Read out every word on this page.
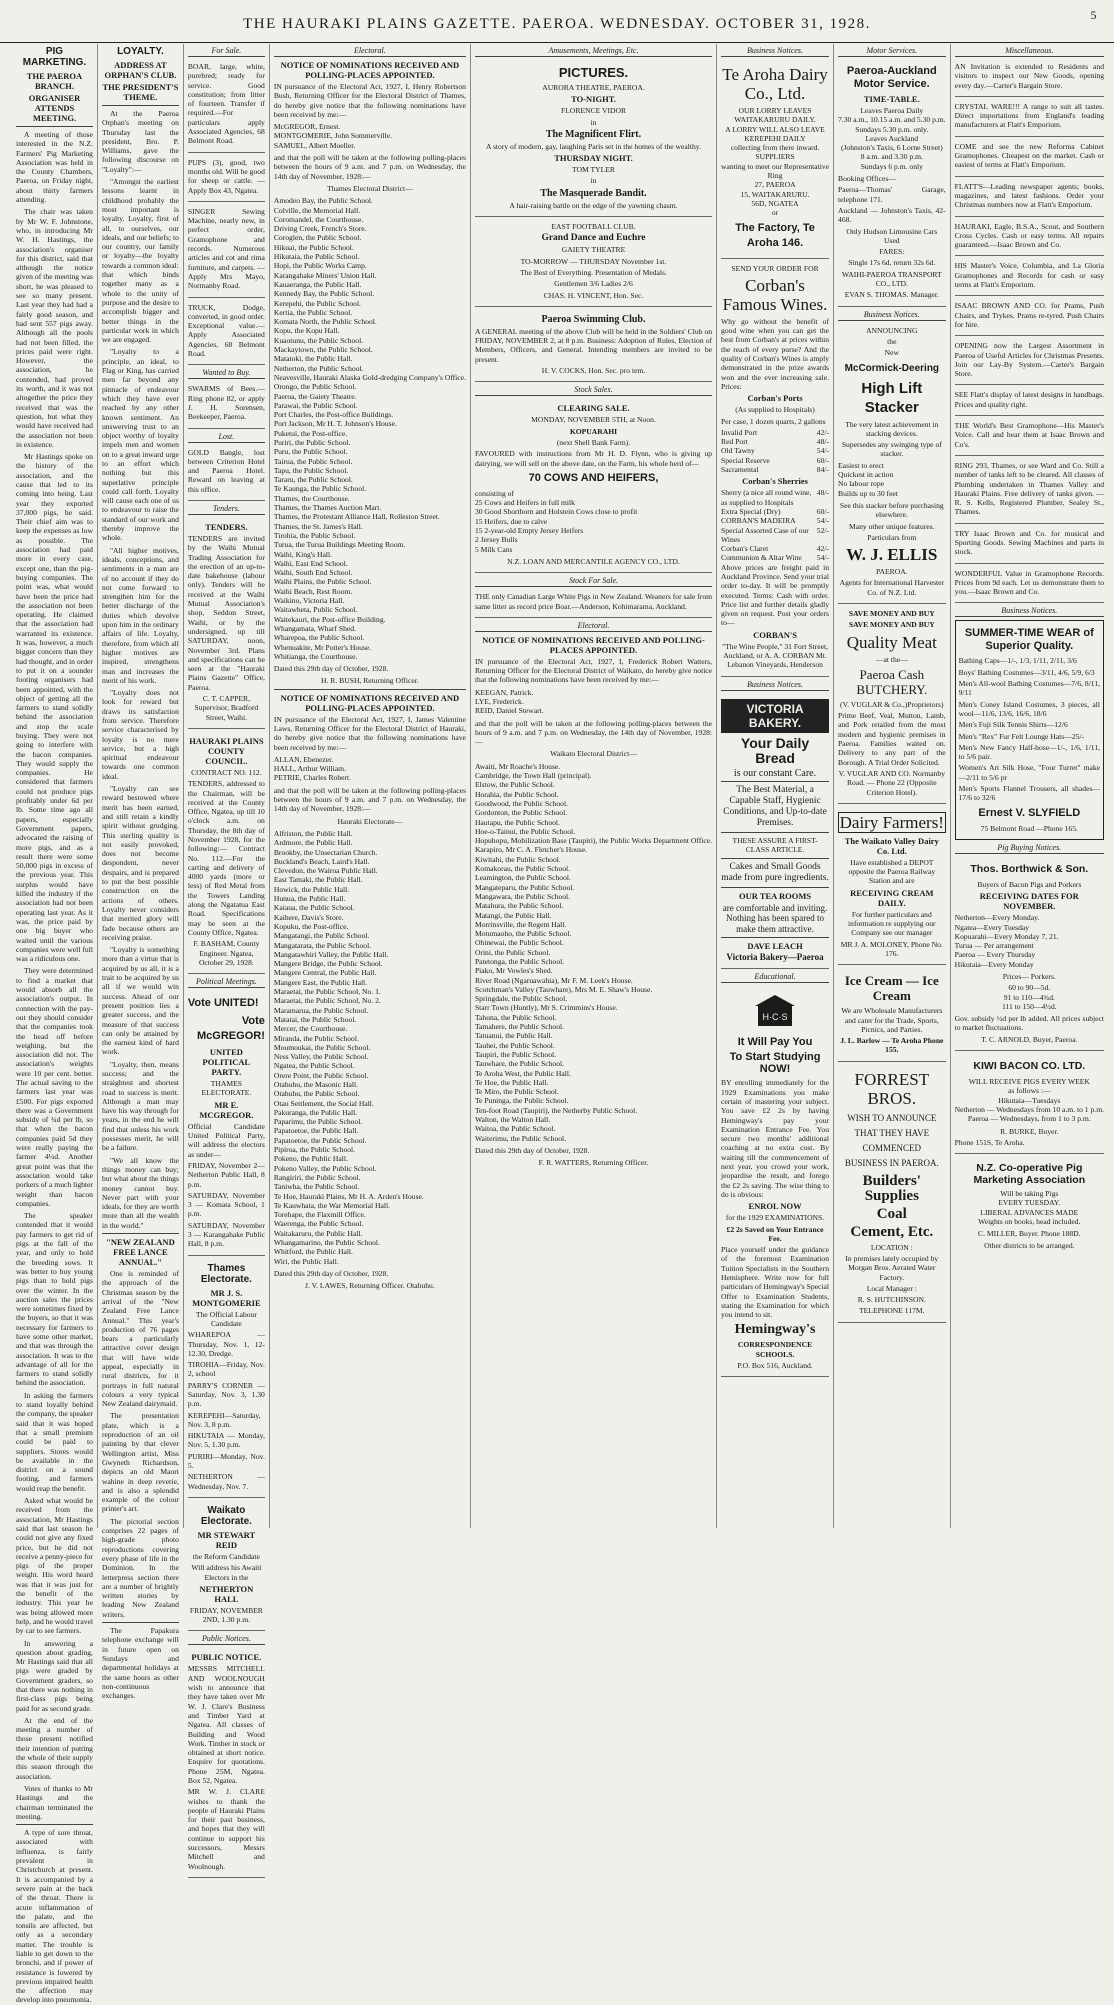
THE HAURAKI PLAINS GAZETTE. PAEROA. WEDNESDAY. OCTOBER 31, 1928.
5
PIG MARKETING.
THE PAEROA BRANCH.
ORGANISER ATTENDS MEETING.

A meeting of those interested in the N.Z. Farmers' Pig Marketing Association was held in the County Chambers, Paeroa, on Friday night, about thirty farmers attending.

The chair was taken by Mr W. F. Johnstone, who, in introducing Mr W. H. Hastings, the association's organiser for this district, said that although the notice given of the meeting was short, he was pleased to see so many present. Last year they had had a fairly good season, and had sent 557 pigs away. Although all the pools had not been filled, the prices paid were right. However, the association, he contended, had proved its worth, and it was not altogether the price they received that was the question, but what they would have received had the association not been in existence.

Mr Hastings spoke on the history of the association, and the cause that led to its coming into being. Last year they exported 37,000 pigs, he said. Their chief aim was to keep the expenses as low as possible. The association had paid more in every case, except one, than the pig-buying companies. The point was, what would have been the price had the association not been operating. He claimed that the association had warranted its existence. It was, however, a much bigger concern than they had thought, and in order to put it on a sounder footing organisers had been appointed, with the object of getting all the farmers to stand solidly behind the association and stop the scale buying. They were not going to interfere with the bacon companies. They would supply the companies. He considered that farmers could not produce pigs profitably under 6d per lb. Some time ago all papers, especially Government papers, advocated the raising of more pigs, and as a result there were some 50,000 pigs in excess of the previous year. This surplus would have killed the industry if the association had not been operating last year. As it was, the price paid by one big buyer who waited until the various companies were well full was a ridiculous one.

They were determined to find a market that would absorb all the association's output. In connection with the pay-out they should consider that the companies took the head off before weighing, but the association did not. The association's weights were 10 per cent. better. The actual saving to the farmers last year was £500. For pigs exported there was a Government subsidy of ¾d per lb, so that when the bacon companies paid 5d they were really paying the farmer 4¼d. Another great point was that the association would take porkers of a much lighter weight than bacon companies.

The speaker contended that it would pay farmers to get rid of pigs at the fall of the year, and only to hold the breeding sows. It was better to buy young pigs than to hold pigs over the winter. In the auction sales the prices were sometimes fixed by the buyers, so that it was necessary for farmers to have some other market, and that was through the association. It was to the advantage of all for the farmers to stand solidly behind the association.

In asking the farmers to stand loyally behind the company, the speaker said that it was hoped that a small premium could be paid to suppliers. Stores would be available in the district on a sound footing, and farmers would reap the benefit.

Asked what would be received from the association, Mr Hastings said that last season he could not give any fixed price, but he did not receive a penny-piece for pigs of the proper weight. His word heard was that it was just for the benefit of the industry. This year he was being allowed more help, and he would travel by car to see farmers.

In answering a question about grading, Mr Hastings said that all pigs were graded by Government graders, so that there was nothing in first-class pigs being paid for as second grade.

At the end of the meeting a number of those present notified their intention of putting the whole of their supply this season through the association.

Votes of thanks to Mr Hastings and the chairman terminated the meeting.

A type of sore throat, associated with influenza, is fairly prevalent in Christchurch at present. It is accompanied by a severe pain at the back of the throat. There is acute inflammation of the palate, and the tonsils are affected, but only as a secondary matter. The trouble is liable to get down to the bronchi, and if power of resistance is lowered by previous impaired health the affection may develop into pneumonia.

LOYALTY.
ADDRESS AT ORPHAN'S CLUB.
THE PRESIDENT'S THEME.

At the Paeroa Orphan's meeting on Thursday last the president, Bro. P. Williams, gave the following discourse on "Loyalty":—

"Amongst the earliest lessons learnt in childhood probably the most important is loyalty. Loyalty, first of all, to ourselves, our ideals, and our beliefs; to our country, our family or loyalty—the loyalty towards a common ideal: that which binds together many as a whole to the unity of purpose and the desire to accomplish bigger and better things in the particular work in which we are engaged.

"Loyalty to a principle, an ideal, to Flag or King, has carried men far beyond any pinnacle of endeavour which they have ever reached by any other known sentiment. An unswerving trust to an object worthy of loyalty impels men and women on to a great inward urge to an effort which nothing but this superlative principle could call forth. Loyalty will cause each one of us to endeavour to raise the standard of our work and thereby improve the whole.

"All higher motives, ideals, conceptions, and sentiments in a man are of no account if they do not come forward to strengthen him for the better discharge of the duties which devolve upon him in the ordinary affairs of life. Loyalty, therefore, from which all higher motives are inspired, strengthens man and increases the merit of his work.

"Loyalty does not look for reward but draws its satisfaction from service. Therefore service characterised by loyalty is no mere service, but a high spiritual endeavour towards one common ideal.

"Loyalty can see reward bestowed where merit has been earned, and still retain a kindly spirit without grudging. This sterling quality is not easily provoked, does not become despondent, never despairs, and is prepared to put the best possible construction on the actions of others. Loyalty never considers that merited glory will fade because others are receiving praise.

"Loyalty is something more than a virtue that is acquired by us all, it is a trait to be acquired by us all if we would win success. Ahead of our present position lies a greater success, and the measure of that success can only be attained by the earnest kind of hard work.

"Loyalty, then, means success; and the straightest and shortest road to success is merit. Although a man may have his way through for years, in the end he will find that unless his work possesses merit, he will be a failure.

"We all know the things money can buy; but what about the things money cannot buy. Never part with your ideals, for they are worth more than all the wealth in the world."

"NEW ZEALAND FREE LANCE ANNUAL."

One is reminded of the approach of the Christmas season by the arrival of the "New Zealand Free Lance Annual." This year's production of 76 pages bears a particularly attractive cover design that will have wide appeal, especially in rural districts, for it portrays in full natural colours a very typical New Zealand dairymaid.

The presentation plate, which is a reproduction of an oil painting by that clever Wellington artist, Miss Gwyneth Richardson, depicts an old Maori wahine in deep reverie, and is also a splendid example of the colour printer's art.

The pictorial section comprises 22 pages of high-grade photo reproductions covering every phase of life in the Dominion. In the letterpress section there are a number of brightly written stories by leading New Zealand writers.

The Papakura telephone exchange will in future open on Sundays and departmental holidays at the same hours as other non-continuous exchanges.

For Sale.

BOAR, large, white, purebred; ready for service. Good constitution; from litter of fourteen. Transfer if required.—For particulars apply Associated Agencies, 68 Belmont Road.

PUPS (3), good, two months old. Will be good for sheep or cattle. — Apply Box 43, Ngatea.

SINGER Sewing Machine, nearly new, in perfect order, Gramophone and records. Numerous articles and cot and rima furniture, and carpets. — Apply Mrs Mayo, Normanby Road.

TRUCK, Dodge, converted, in good order. Exceptional value.—Apply Associated Agencies, 68 Belmont Road.

Wanted to Buy.

SWARMS of Bees.—Ring phone 82, or apply J. H. Sorensen, Beekeeper, Paeroa.

Lost.

GOLD Bangle, lost between Criterion Hotel and Paeroa Hotel. Reward on leaving at this office.

Tenders.
TENDERS.

TENDERS are invited by the Waihi Mutual Trading Association for the erection of an up-to-date bakehouse (labour only). Tenders will be received at the Waihi Mutual Association's shop, Seddon Street, Waihi, or by the undersigned, up till SATURDAY, noon, November 3rd. Plans and specifications can be seen at the "Hauraki Plains Gazette" Office, Paeroa.

C. T. CAPPER, Supervisor, Bradford Street, Waihi.

HAURAKI PLAINS COUNTY COUNCIL.

CONTRACT NO. 112.

TENDERS, addressed to the Chairman, will be received at the County Office, Ngatea, up till 10 o'clock a.m. on Thursday, the 8th day of November 1928, for the following:— Contract No. 112.—For the carting and delivery of 4000 yards (more or less) of Red Metal from the Towers Landing along the Ngatatua East Road. Specifications may be seen at the County Office, Ngatea.

F. BASHAM, County Engineer. Ngatea, October 29, 1928.

Political Meetings.
Vote UNITED!
Vote McGREGOR!
UNITED POLITICAL PARTY.

THAMES ELECTORATE.

MR E. MCGREGOR.

Official Candidate United Political Party, will address the electors as under—

FRIDAY, November 2—Netherton Public Hall, 8 p.m.

SATURDAY, November 3 — Komata School, 1 p.m.

SATURDAY, November 3 — Karangahake Public Hall, 8 p.m.

Thames Electorate.
MR J. S. MONTGOMERIE

The Official Labour Candidate

WHAREPOA — Thursday, Nov. 1, 12-12.30, Dredge.

TIROHIA—Friday, Nov. 2, school

PARRY'S CORNER — Saturday, Nov. 3, 1.30 p.m.

KEREPEHI—Saturday, Nov. 3, 8 p.m.

HIKUTAIA — Monday, Nov. 5, 1.30 p.m.

PURIRI—Monday, Nov. 5.

NETHERTON — Wednesday, Nov. 7.

Waikato Electorate.
MR STEWART REID

the Reform Candidate

Will address his Awaiti Electors in the

NETHERTON HALL

FRIDAY, NOVEMBER 2ND, 1.30 p.m.

Public Notices.
PUBLIC NOTICE.

MESSRS MITCHELL AND WOOLNOUGH wish to announce that they have taken over Mr W. J. Clare's Business and Timber Yard at Ngatea. All classes of Building and Wood Work. Timber in stock or obtained at short notice. Enquire for quotations. Phone 25M, Ngatea. Box 52, Ngatea.

MR W. J. CLARE wishes to thank the people of Hauraki Plains for their past business, and hopes that they will continue to support his successors, Messrs Mitchell and Woolnough.

Electoral.
NOTICE OF NOMINATIONS RECEIVED AND POLLING-PLACES APPOINTED.

IN pursuance of the Electoral Act, 1927, I, Henry Robertson Bush, Returning Officer for the Electoral District of Thames, do hereby give notice that the following nominations have been received by me:—

McGREGOR, Ernest.
MONTGOMERIE, John Sommerville.
SAMUEL, Albert Moeller.

and that the poll will be taken at the following polling-places between the hours of 9 a.m. and 7 p.m. on Wednesday, the 14th day of November, 1928:—

Thames Electoral District—

Amodeo Bay, the Public School.
Colville, the Memorial Hall.
Coromandel, the Courthouse.
Driving Creek, French's Store.
Coroglen, the Public School.
Hikuai, the Public School.
Hikutaia, the Public School.
Hopi, the Public Works Camp.
Karangahake Miners' Union Hall.
Kauaeranga, the Public Hall.
Kennedy Bay, the Public School.
Kerepehi, the Public School.
Kertia, the Public School.
Komata North, the Public School.
Kopu, the Kopu Hall.
Kuaotunu, the Public School.
Mackaytown, the Public School.
Matatoki, the Public Hall.
Netherton, the Public School.
Neavesville, Hauraki Alaska Gold-dredging Company's Office.
Orongo, the Public School.
Paeroa, the Gaiety Theatre.
Parawai, the Public School.
Port Charles, the Post-office Buildings.
Port Jackson, Mr H. T. Johnson's House.
Puketui, the Post-office.
Puriri, the Public School.
Puru, the Public School.
Tairua, the Public School.
Tapu, the Public School.
Tararu, the Public School.
Te Kaunga, the Public School.
Thames, the Courthouse.
Thames, the Thames Auction Mart.
Thames, the Protestant Alliance Hall, Rolleston Street.
Thames, the St. James's Hall.
Tirohia, the Public School.
Turua, the Turua Buildings Meeting Room.
Waihi, King's Hall.
Waihi, East End School.
Waihi, South End School.
Waihi Plains, the Public School.
Waihi Beach, Rest Room.
Waikino, Victoria Hall.
Waitawheta, Public School.
Waitekauri, the Post-office Building.
Whangamata, Wharf Shed.
Wharepoa, the Public School.
Whenuakite, Mr Potter's House.
Whitianga, the Courthouse.

Dated this 29th day of October, 1928.

H. R. BUSH, Returning Officer.

NOTICE OF NOMINATIONS RECEIVED AND POLLING-PLACES APPOINTED.

IN pursuance of the Electoral Act, 1927, I, James Valentine Laws, Returning Officer for the Electoral District of Hauraki, do hereby give notice that the following nominations have been received by me:—

ALLAN, Ebenezer.
HALL, Arthur William.
PETRIE, Charles Robert.

and that the poll will be taken at the following polling-places between the hours of 9 a.m. and 7 p.m. on Wednesday, the 14th day of November, 1928:—

Hauraki Electorate—

Alfriston, the Public Hall.
Ardmore, the Public Hall.
Brookby, the Unsectarian Church.
Buckland's Beach, Laird's Hall.
Clevedon, the Wairoa Public Hall.
East Tamaki, the Public Hall.
Howick, the Public Hall.
Hunua, the Public Hall.
Kaiaua, the Public School.
Kaihere, Davis's Store.
Kopuku, the Post-office.
Mangatangi, the Public School.
Mangatarata, the Public School.
Mangatawhiri Valley, the Public Hall.
Mangere Bridge, the Public School.
Mangere Central, the Public Hall.
Mangere East, the Public Hall.
Maraetai, the Public School, No. 1.
Maraetai, the Public School, No. 2.
Maramarua, the Public School.
Matatai, the Public School.
Mercer, the Courthouse.
Miranda, the Public School.
Moumoukai, the Public School.
Ness Valley, the Public School.
Ngatea, the Public School.
Orere Point, the Public School.
Otahuhu, the Masonic Hall.
Otahuhu, the Public School.
Otau Settlement, the Social Hall.
Pakuranga, the Public Hall.
Paparimu, the Public School.
Papatoetoe, the Public Hall.
Papatoetoe, the Public School.
Pipiroa, the Public School.
Pokeno, the Public Hall.
Pokeno Valley, the Public School.
Rangiriri, the Public School.
Taniwha, the Public School.
Te Hoe, Hauraki Plains, Mr H. A. Arden's House.
Te Kauwhata, the War Memorial Hall.
Torehape, the Flaxmill Office.
Waerenga, the Public School.
Waitakaruru, the Public Hall.
Whangamarino, the Public School.
Whitford, the Public Hall.
Wiri, the Public Hall.

Dated this 29th day of October, 1928.

J. V. LAWES, Returning Officer. Otahuhu.

Amusements, Meetings, Etc.
PICTURES.

AURORA THEATRE, PAEROA.

TO-NIGHT.

FLORENCE VIDOR

in

The Magnificent Flirt.

A story of modern, gay, laughing Paris set in the homes of the wealthy.

THURSDAY NIGHT.

TOM TYLER

in

The Masquerade Bandit.

A hair-raising battle on the edge of the yawning chasm.

EAST FOOTBALL CLUB.

Grand Dance and Euchre

GAIETY THEATRE

TO-MORROW — THURSDAY November 1st.

The Best of Everything. Presentation of Medals.

Gentlemen 3/6 Ladies 2/6

CHAS. H. VINCENT, Hon. Sec.

Paeroa Swimming Club.

A GENERAL meeting of the above Club will be held in the Soldiers' Club on FRIDAY, NOVEMBER 2, at 8 p.m. Business: Adoption of Rules, Election of Members, Officers, and General. Intending members are invited to be present.

H. V. COCKS, Hon. Sec. pro tem.

Stock Sales.
CLEARING SALE.

MONDAY, NOVEMBER 5TH, at Noon.

KOPUARAHI

(next Shell Bank Farm).

FAVOURED with instructions from Mr H. D. Flynn, who is giving up dairying, we will sell on the above date, on the Farm, his whole herd of—

70 COWS AND HEIFERS,
consisting of
25 Cows and Heifers in full milk
30 Good Shorthorn and Holstein Cows close to profit
15 Heifers, due to calve
15 2-year-old Empty Jersey Heifers
2 Jersey Bulls
5 Milk Cans

N.Z. LOAN AND MERCANTILE AGENCY CO., LTD.

Stock For Sale.

THE only Canadian Large White Pigs in New Zealand. Weaners for sale from same litter as record price Boar.—Anderson, Kohimarama, Auckland.

Electoral.
NOTICE OF NOMINATIONS RECEIVED AND POLLING-PLACES APPOINTED.

IN pursuance of the Electoral Act, 1927, I, Frederick Robert Watters, Returning Officer for the Electoral District of Waikato, do hereby give notice that the following nominations have been received by me:—

KEEGAN, Patrick.
LYE, Frederick.
REID, Daniel Stewart.

and that the poll will be taken at the following polling-places between the hours of 9 a.m. and 7 p.m. on Wednesday, the 14th day of November, 1928:—

Waikato Electoral District—

Awaiti, Mr Roache's House.
Cambridge, the Town Hall (principal).
Elstow, the Public School.
Horahia, the Public School.
Goodwood, the Public School.
Gordonton, the Public School.
Hautapu, the Public School.
Hoe-o-Tainui, the Public School.
Hopuhopu, Mobilization Base (Taupiri), the Public Works Department Office.
Karapiro, Mr C. A. Fletcher's House.
Kiwitahi, the Public School.
Komakorau, the Public School.
Leamington, the Public School.
Mangateparu, the Public School.
Mangawara, the Public School.
Matahura, the Public School.
Matangi, the Public Hall.
Morrinsville, the Regent Hall.
Motumaoho, the Public School.
Ohinewai, the Public School.
Orini, the Public School.
Patetonga, the Public School.
Piako, Mr Vowles's Shed.
River Road (Ngaruawahia), Mr F. M. Leek's House.
Scotchman's Valley (Tauwhare), Mrs M. E. Shaw's House.
Springdale, the Public School.
Starr Town (Huntly), Mr S. Crimmins's House.
Tahuna, the Public School.
Tamahere, the Public School.
Tatuanui, the Public Hall.
Tauhei, the Public School.
Taupiri, the Public School.
Tauwhare, the Public School.
Te Aroha West, the Public Hall.
Te Hoe, the Public Hall.
Te Miro, the Public School.
Te Puninga, the Public School.
Ten-foot Road (Taupiri), the Netherby Public School.
Walton, the Walton Hall.
Waitoa, the Public School.
Waiterimu, the Public School.

Dated this 29th day of October, 1928.

F. R. WATTERS, Returning Officer.

Business Notices.
Te Aroha Dairy Co., Ltd.
OUR LORRY LEAVES
WAITAKARURU DAILY.
A LORRY WILL ALSO LEAVE
KEREPEHI DAILY
collecting from there inward.
SUPPLIERS
wanting to meet our Representative
Ring
27, PAEROA
15, WAITAKARURU.
56D, NGATEA
or
The Factory, Te Aroha 146.

SEND YOUR ORDER FOR

Corban's Famous Wines.

Why go without the benefit of good wine when you can get the best from Corban's at prices within the reach of every purse? And the quality of Corban's Wines is amply demonstrated in the prize awards won and the ever increasing sale. Prices:

Corban's Ports

(As supplied to Hospitals)

Per case, 1 dozen quarts, 2 gallons

Invalid Port	42/-
Red Port	48/-
Old Tawny	54/-
Special Reserve	60/-
Sacramental	84/-
Corban's Sherries
Sherry (a nice all round wine, as supplied to Hospitals
48/-
Extra Special (Dry)	60/-
CORBAN'S MADEIRA	54/-
Special Assorted Case of our Wines
52/-
Corban's Claret	42/-
Communion & Altar Wine 54/-

Above prices are freight paid in Auckland Province. Send your trial order to-day. It will be promptly executed. Terms: Cash with order. Price list and further details gladly given on request. Post your orders to—

CORBAN'S

"The Wine People," 31 Fort Street, Auckland, or A. A. CORBAN Mt. Lebanon Vineyards, Henderson

Business Notices.
VICTORIA BAKERY.
Your Daily Bread

is our constant Care.

The Best Material, a Capable Staff, Hygienic Conditions, and Up-to-date Premises.

THESE ASSURE A FIRST-CLASS ARTICLE.

Cakes and Small Goods made from pure ingredients.

OUR TEA ROOMS

are comfortable and inviting. Nothing has been spared to make them attractive.

DAVE LEACH

Victoria Bakery—Paeroa

Educational.
H·C·S
It Will Pay You
To Start Studying NOW!

BY enrolling immediately for the 1929 Examinations you make certain of mastering your subject. You save £2 2s by having Hemingway's pay your Examination Entrance Fee. You secure two months' additional coaching at no extra cost. By waiting till the commencement of next year, you crowd your work, jeopardise the result, and forego the £2 2s saving. The wise thing to do is obvious:

ENROL NOW

for the 1929 EXAMINATIONS.

£2 2s Saved on Your Entrance Fee.

Place yourself under the guidance of the foremost Examination Tuition Specialists in the Southern Hemisphere. Write now for full particulars of Hemingway's Special Offer to Examination Students, stating the Examination for which you intend to sit.

Hemingway's

CORRESPONDENCE SCHOOLS.

P.O. Box 516, Auckland.

Motor Services.
Paeroa-Auckland Motor Service.
TIME-TABLE.
Leaves Paeroa Daily
7.30 a.m., 10.15 a.m. and 5.30 p.m.
Sundays 5.30 p.m. only.
Leaves Auckland
(Johnston's Taxis, 6 Lorne Street)
8 a.m. and 3.30 p.m.
Sundays 6 p.m. only

Booking Offices—

Paeroa—Thomas' Garage, telephone 171.

Auckland — Johnston's Taxis, 42-468.

Only Hudson Limousine Cars Used

FARES:

Single 17s 6d, return 32s 6d.

WAIHI-PAEROA TRANSPORT CO., LTD.

EVAN S. THOMAS. Manager.

Business Notices.

ANNOUNCING

the

New

McCormick-Deering
High Lift Stacker

The very latest achievement in stacking devices.

Supersedes any swinging type of stacker.

Easiest to erect
Quickest in action
No labour rope
Builds up to 30 feet

See this stacker before purchasing elsewhere.

Many other unique features.

Particulars from

W. J. ELLIS

PAEROA.

Agents for International Harvester Co. of N.Z. Ltd.

SAVE MONEY AND BUY

SAVE MONEY AND BUY

Quality Meat

—at the—

Paeroa Cash BUTCHERY.

(V. VUGLAR & Co.,)Proprietors)

Prime Beef, Veal, Mutton, Lamb, and Pork retailed from the most modern and hygienic premises in Paeroa. Families waited on. Delivery to any part of the Borough. A Trial Order Solicited.

V. VUGLAR AND CO. Normanby Road. — Phone 22 (Opposite Criterion Hotel).

Dairy Farmers!
The Waikato Valley Dairy Co. Ltd.

Have established a DEPOT opposite the Paeroa Railway Station and are

RECEIVING CREAM DAILY.

For further particulars and information re supplying our Company see our manager

MR J. A. MOLONEY, Phone No. 176.

Ice Cream — Ice Cream

We are Wholesale Manufacturers and cater for the Trade, Sports, Picnics, and Parties.

J. L. Barlow — Te Aroha Phone 155.

FORREST BROS.
WISH TO ANNOUNCE
THAT THEY HAVE
COMMENCED
BUSINESS IN PAEROA.
Builders' Supplies
Coal
Cement, Etc.

LOCATION :

In premises lately occupied by Morgan Bros. Aerated Water Factory.

Local Manager :

R. S. HUTCHINSON.

TELEPHONE 117M.

Miscellaneous.

AN Invitation is extended to Residents and visitors to inspect our New Goods, opening every day.—Carter's Bargain Store.

CRYSTAL WARE!!! A range to suit all tastes. Direct importations from England's leading manufacturers at Flatt's Emporium.

COME and see the new Reforma Cabinet Gramophones. Cheapest on the market. Cash or easiest of terms at Flatt's Emporium.

FLATT'S—Leading newspaper agents; books, magazines, and latest fashions. Order your Christmas numbers now at Flatt's Emporium.

HAURAKI, Eagle, B.S.A., Scout, and Southern Cross Cycles. Cash or easy terms. All repairs guaranteed.—Isaac Brown and Co.

HIS Master's Voice, Columbia, and La Gloria Gramophones and Records for cash or easy terms at Flatt's Emporium.

ISAAC BROWN AND CO. for Prams, Push Chairs, and Trykes. Prams re-tyred. Push Chairs for hire.

OPENING now the Largest Assortment in Paeroa of Useful Articles for Christmas Presents. Join our Lay-By System.—Carter's Bargain Store.

SEE Flatt's display of latest designs in handbags. Prices and quality right.

THE World's Best Gramophone—His Master's Voice. Call and hear them at Isaac Brown and Co's.

RING 293, Thames, or see Ward and Co. Still a number of tanks left to be cleared. All classes of Plumbing undertaken in Thames Valley and Hauraki Plains. Free delivery of tanks given. — R. S. Kells, Registered Plumber, Sealey St., Thames.

TRY Isaac Brown and Co. for musical and Sporting Goods. Sewing Machines and parts in stock.

WONDERFUL Value in Gramophone Records. Prices from 9d each. Let us demonstrate them to you.—Isaac Brown and Co.

Business Notices.
SUMMER-TIME WEAR of Superior Quality.

Bathing Caps—1/-, 1/3, 1/11, 2/11, 3/6

Boys' Bathing Costumes—3/11, 4/6, 5/9, 6/3

Men's All-wool Bathing Costumes—7/6, 8/11, 9/11

Men's Coney Island Costumes, 3 pieces, all wool—11/6, 13/6, 16/6, 18/6

Men's Fuji Silk Tennis Shirts—12/6

Men's "Rex" Fur Felt Lounge Hats—25/-

Men's New Fancy Half-hose—1/-, 1/6, 1/11, to 5/6 pair.

Women's Art Silk Hose, "Four Turret" make—2/11 to 5/6 pr

Men's Sports Flannel Trousers, all shades—17/6 to 32/6

Ernest V. SLYFIELD

75 Belmont Road —Phone 165.

Pig Buying Notices.
Thos. Borthwick & Son.

Buyers of Bacon Pigs and Porkers

RECEIVING DATES FOR NOVEMBER.
Netherton—Every Monday.
Ngatea—Every Tuesday
Kopuarahi—Every Monday 7, 21.
Turua — Per arrangement
Paeroa — Every Thursday
Hikutaia—Every Monday

Prices— Porkers.

60 to 90—5d.
91 to 110—4¾d.
111 to 150—4½d.

Gov. subsidy ½d per lb added. All prices subject to market fluctuations.

T. C. ARNOLD, Buyer, Paeroa.

KIWI BACON CO. LTD.
WILL RECEIVE PIGS EVERY WEEK
as follows :—
Hikutaia—Tuesdays
Netherton — Wednesdays from 10 a.m. to 1 p.m.
Paeroa — Wednesdays, from 1 to 3 p.m.

R. BURKE, Buyer.

Phone 151S, Te Aroha.

N.Z. Co-operative Pig Marketing Association
Will be taking Pigs
EVERY TUESDAY.
LIBERAL ADVANCES MADE
Weights on books, head included.

C. MILLER, Buyer. Phone 188D.

Other districts to be arranged.
